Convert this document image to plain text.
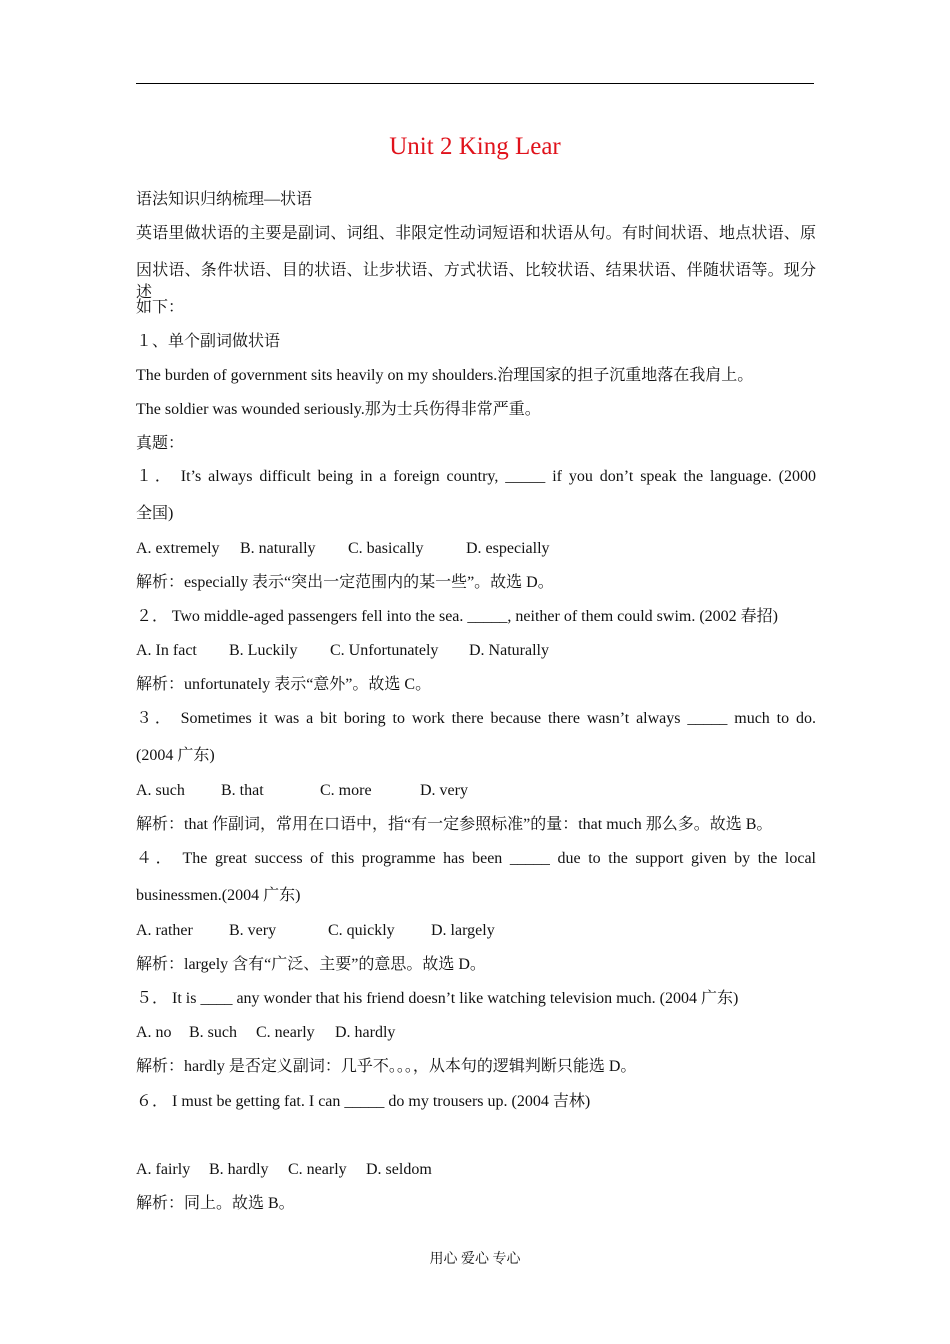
Unit 2 King Lear
语法知识归纳梳理—状语
英语里做状语的主要是副词、词组、非限定性动词短语和状语从句。有时间状语、地点状语、原
因状语、条件状语、目的状语、让步状语、方式状语、比较状语、结果状语、伴随状语等。现分述
如下：
１、单个副词做状语
The burden of government sits heavily on my shoulders.治理国家的担子沉重地落在我肩上。
The soldier was wounded seriously.那为士兵伤得非常严重。
真题：
１． It’s always difficult being in a foreign country, _____ if you don’t speak the language. (2000
全国)
A. extremely B. naturally C. basically	D. especially
解析：especially 表示“突出一定范围内的某一些”。故选 D。
２． Two middle-aged passengers fell into the sea. _____, neither of them could swim. (2002 春招)
A. In fact B. Luckily C. Unfortunately D. Naturally
解析：unfortunately 表示“意外”。故选 C。
３． Sometimes it was a bit boring to work there because there wasn’t always _____ much to do.
(2004 广东)
A. such B. that	C. more	D. very
解析：that 作副词，常用在口语中，指“有一定参照标准”的量：that much 那么多。故选 B。
４． The great success of this programme has been _____ due to the support given by the local
businessmen.(2004 广东)
A. rather B. very	C. quickly D. largely
解析：largely 含有“广泛、主要”的意思。故选 D。
５． It is ____ any wonder that his friend doesn’t like watching television much. (2004 广东)
A. no B. such C. nearly D. hardly
解析：hardly 是否定义副词：几乎不。。。，从本句的逻辑判断只能选 D。
６． I must be getting fat. I can _____ do my trousers up. (2004 吉林)
A. fairly B. hardly C. nearly D. seldom
解析：同上。故选 B。
用心 爱心 专心
